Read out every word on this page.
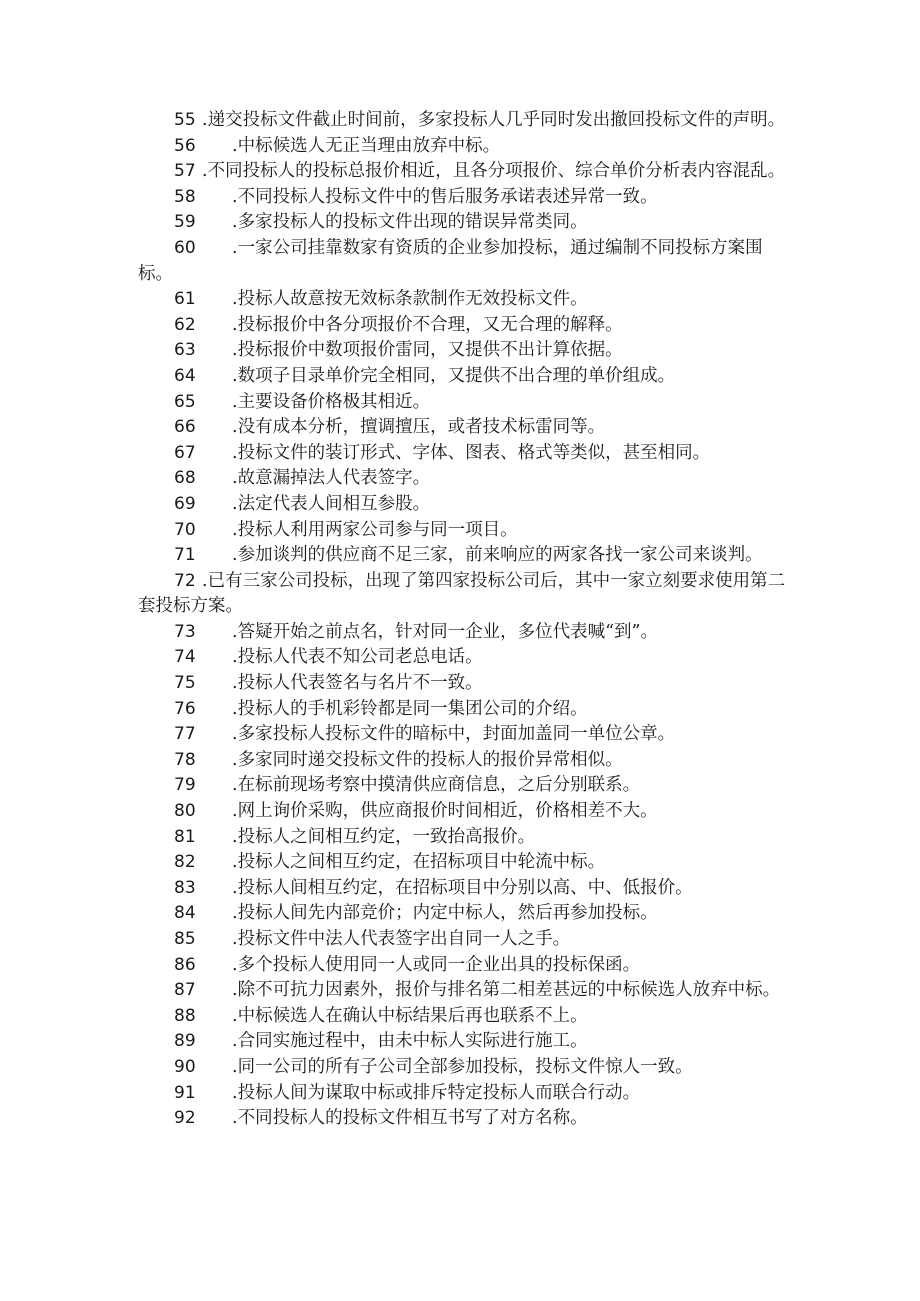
55 .递交投标文件截止时间前，多家投标人几乎同时发出撤回投标文件的声明。
56 .中标候选人无正当理由放弃中标。
57 .不同投标人的投标总报价相近，且各分项报价、综合单价分析表内容混乱。
58 .不同投标人投标文件中的售后服务承诺表述异常一致。
59 .多家投标人的投标文件出现的错误异常类同。
60 .一家公司挂靠数家有资质的企业参加投标，通过编制不同投标方案围标。
61 .投标人故意按无效标条款制作无效投标文件。
62 .投标报价中各分项报价不合理，又无合理的解释。
63 .投标报价中数项报价雷同，又提供不出计算依据。
64 .数项子目录单价完全相同，又提供不出合理的单价组成。
65 .主要设备价格极其相近。
66 .没有成本分析，擅调擅压，或者技术标雷同等。
67 .投标文件的装订形式、字体、图表、格式等类似，甚至相同。
68 .故意漏掉法人代表签字。
69 .法定代表人间相互参股。
70 .投标人利用两家公司参与同一项目。
71 .参加谈判的供应商不足三家，前来响应的两家各找一家公司来谈判。
72 .已有三家公司投标，出现了第四家投标公司后，其中一家立刻要求使用第二套投标方案。
73 .答疑开始之前点名，针对同一企业，多位代表喊“到”。
74 .投标人代表不知公司老总电话。
75 .投标人代表签名与名片不一致。
76 .投标人的手机彩铃都是同一集团公司的介绍。
77 .多家投标人投标文件的暗标中，封面加盖同一单位公章。
78 .多家同时递交投标文件的投标人的报价异常相似。
79 .在标前现场考察中摸清供应商信息，之后分别联系。
80 .网上询价采购，供应商报价时间相近，价格相差不大。
81 .投标人之间相互约定，一致抬高报价。
82 .投标人之间相互约定，在招标项目中轮流中标。
83 .投标人间相互约定，在招标项目中分别以高、中、低报价。
84 .投标人间先内部竞价；内定中标人，然后再参加投标。
85 .投标文件中法人代表签字出自同一人之手。
86 .多个投标人使用同一人或同一企业出具的投标保函。
87 .除不可抗力因素外，报价与排名第二相差甚远的中标候选人放弃中标。
88 .中标候选人在确认中标结果后再也联系不上。
89 .合同实施过程中，由未中标人实际进行施工。
90 .同一公司的所有子公司全部参加投标，投标文件惊人一致。
91 .投标人间为谋取中标或排斥特定投标人而联合行动。
92 .不同投标人的投标文件相互书写了对方名称。
